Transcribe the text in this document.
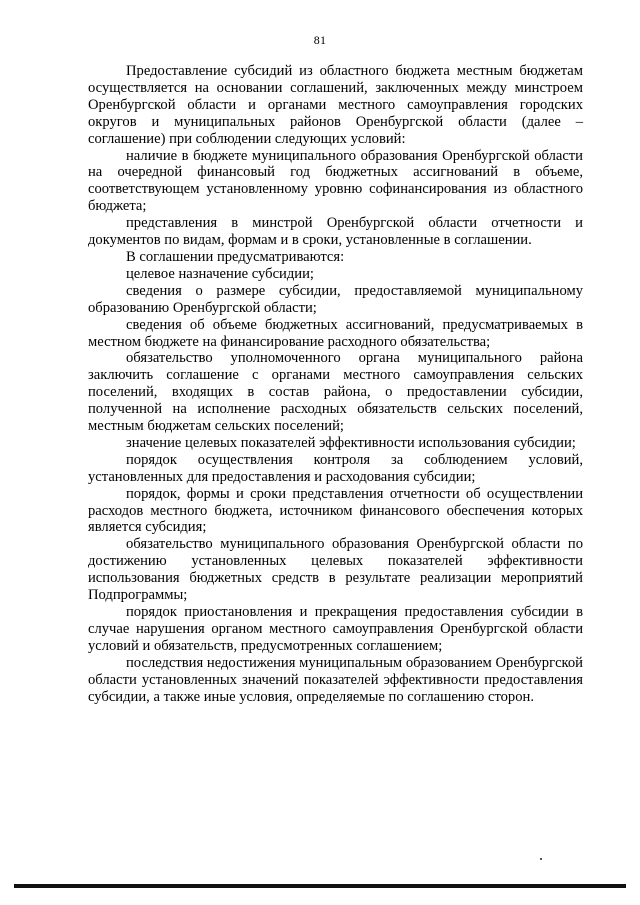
81

Предоставление субсидий из областного бюджета местным бюджетам осуществляется на основании соглашений, заключенных между минстроем Оренбургской области и органами местного самоуправления городских округов и муниципальных районов Оренбургской области (далее – соглашение) при соблюдении следующих условий:

наличие в бюджете муниципального образования Оренбургской области на очередной финансовый год бюджетных ассигнований в объеме, соответствующем установленному уровню софинансирования из областного бюджета;

представления в минстрой Оренбургской области отчетности и документов по видам, формам и в сроки, установленные в соглашении.

В соглашении предусматриваются:

целевое назначение субсидии;

сведения о размере субсидии, предоставляемой муниципальному образованию Оренбургской области;

сведения об объеме бюджетных ассигнований, предусматриваемых в местном бюджете на финансирование расходного обязательства;

обязательство уполномоченного органа муниципального района заключить соглашение с органами местного самоуправления сельских поселений, входящих в состав района, о предоставлении субсидии, полученной на исполнение расходных обязательств сельских поселений, местным бюджетам сельских поселений;

значение целевых показателей эффективности использования субсидии;

порядок осуществления контроля за соблюдением условий, установленных для предоставления и расходования субсидии;

порядок, формы и сроки представления отчетности об осуществлении расходов местного бюджета, источником финансового обеспечения которых является субсидия;

обязательство муниципального образования Оренбургской области по достижению установленных целевых показателей эффективности использования бюджетных средств в результате реализации мероприятий Подпрограммы;

порядок приостановления и прекращения предоставления субсидии в случае нарушения органом местного самоуправления Оренбургской области условий и обязательств, предусмотренных соглашением;

последствия недостижения муниципальным образованием Оренбургской области установленных значений показателей эффективности предоставления субсидии, а также иные условия, определяемые по соглашению сторон.
